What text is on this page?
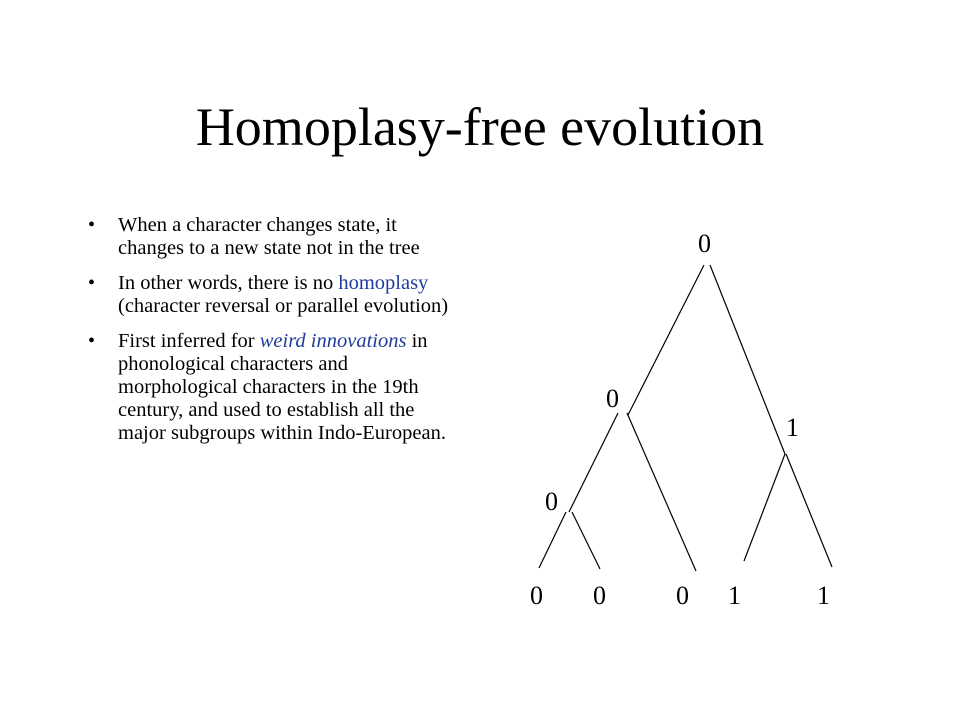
Homoplasy-free evolution
• When a character changes state, it changes to a new state not in the tree
• In other words, there is no homoplasy (character reversal or parallel evolution)
• First inferred for weird innovations in phonological characters and morphological characters in the 19th century, and used to establish all the major subgroups within Indo-European.
0
0
1
0
0 0	0 1	1
